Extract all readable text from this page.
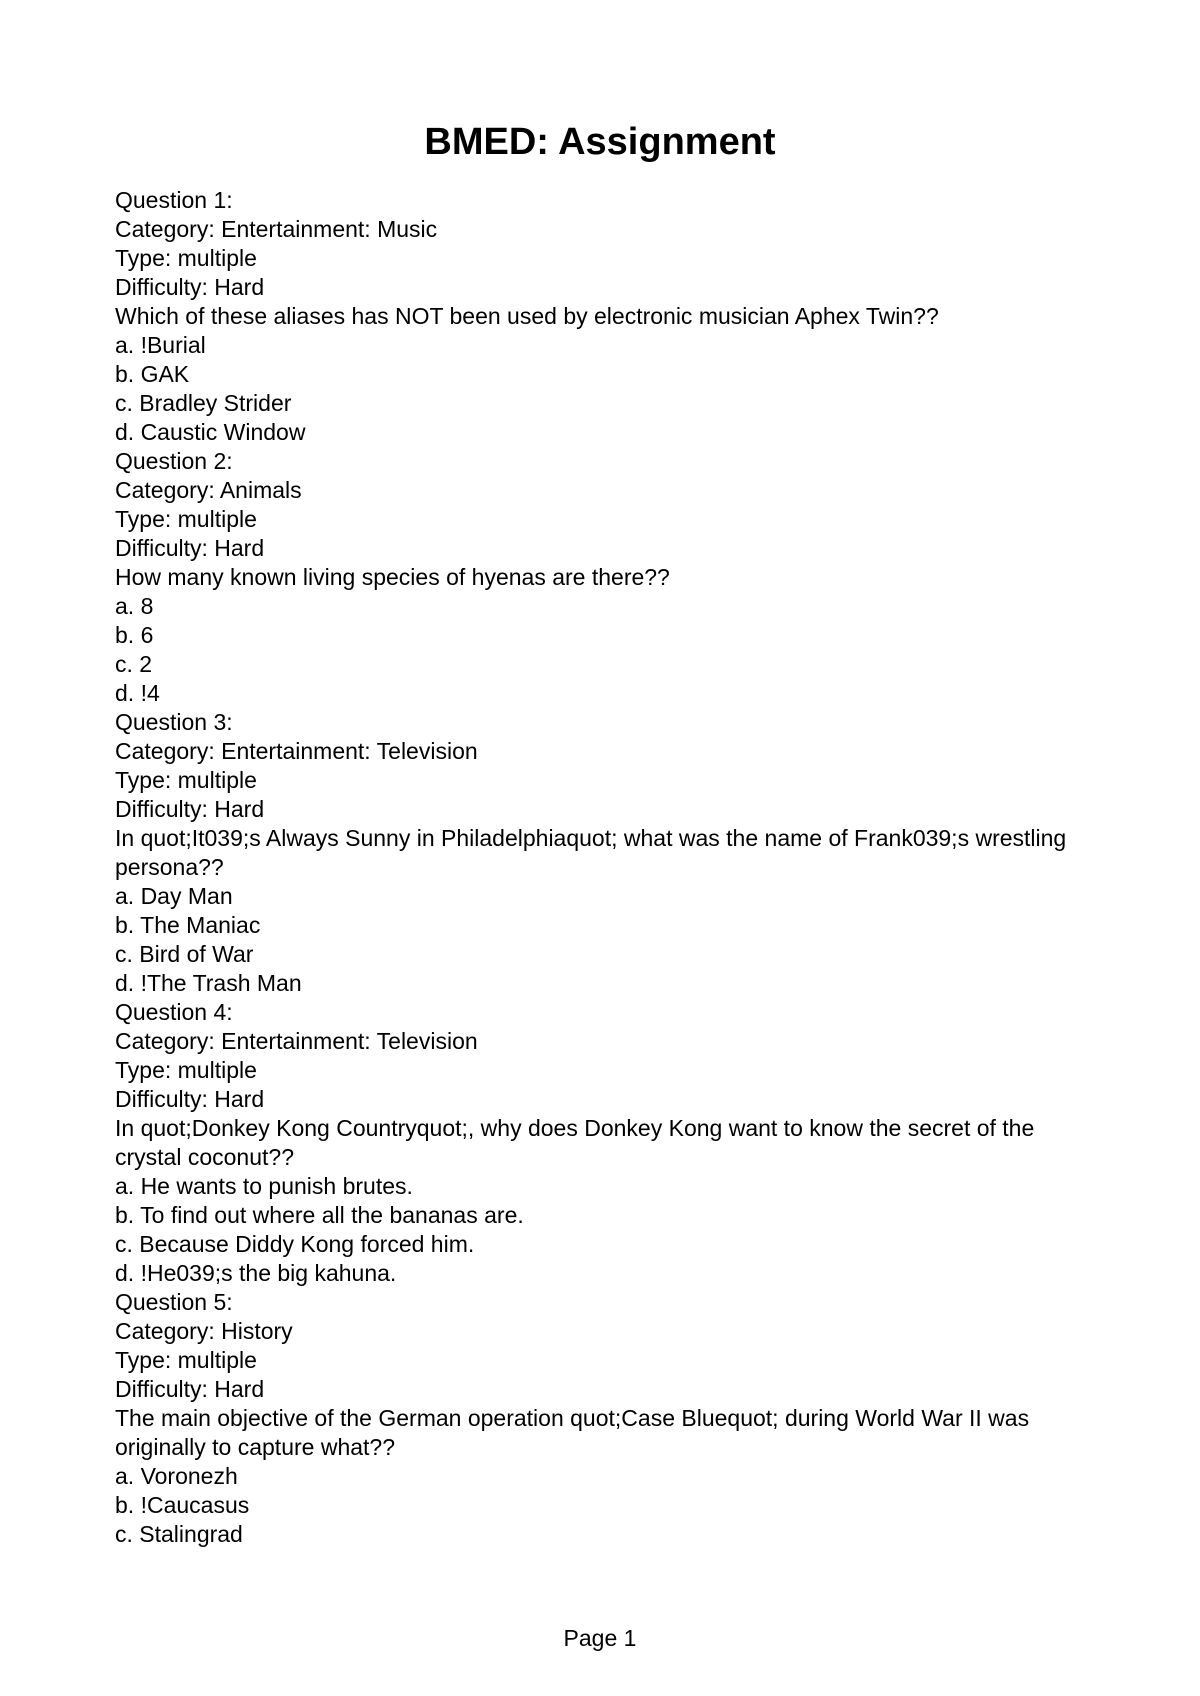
BMED: Assignment
Question 1:
Category: Entertainment: Music
Type: multiple
Difficulty: Hard
Which of these aliases has NOT been used by electronic musician Aphex Twin??
a. !Burial
b. GAK
c. Bradley Strider
d. Caustic Window
Question 2:
Category: Animals
Type: multiple
Difficulty: Hard
How many known living species of hyenas are there??
a. 8
b. 6
c. 2
d. !4
Question 3:
Category: Entertainment: Television
Type: multiple
Difficulty: Hard
In quot;It039;s Always Sunny in Philadelphiaquot; what was the name of Frank039;s wrestling persona??
a. Day Man
b. The Maniac
c. Bird of War
d. !The Trash Man
Question 4:
Category: Entertainment: Television
Type: multiple
Difficulty: Hard
In quot;Donkey Kong Countryquot;, why does Donkey Kong want to know the secret of the crystal coconut??
a. He wants to punish brutes.
b. To find out where all the bananas are.
c. Because Diddy Kong forced him.
d. !He039;s the big kahuna.
Question 5:
Category: History
Type: multiple
Difficulty: Hard
The main objective of the German operation quot;Case Bluequot; during World War II was originally to capture what??
a. Voronezh
b. !Caucasus
c. Stalingrad
Page 1
